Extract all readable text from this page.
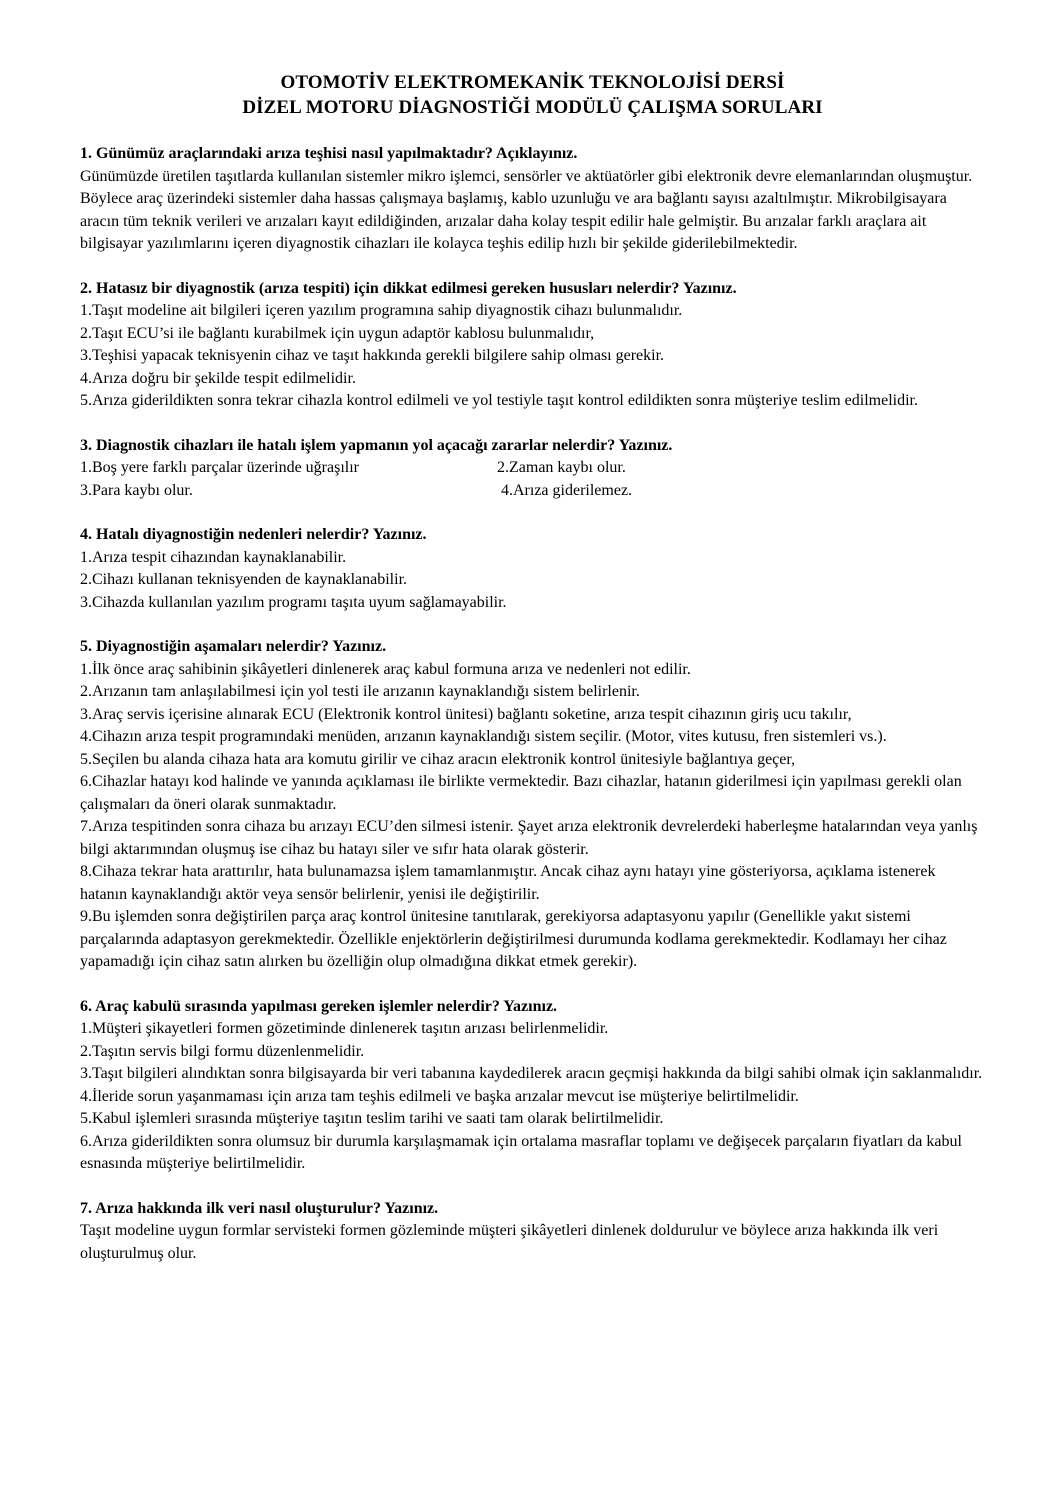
OTOMOTİV ELEKTROMEKANİK TEKNOLOJİSİ DERSİ
DİZEL MOTORU DİAGNOSTİĞİ MODÜLÜ ÇALIŞMA SORULARI
1. Günümüz araçlarındaki arıza teşhisi nasıl yapılmaktadır? Açıklayınız.
Günümüzde üretilen taşıtlarda kullanılan sistemler mikro işlemci, sensörler ve aktüatörler gibi elektronik devre elemanlarından oluşmuştur. Böylece araç üzerindeki sistemler daha hassas çalışmaya başlamış, kablo uzunluğu ve ara bağlantı sayısı azaltılmıştır. Mikrobilgisayara aracın tüm teknik verileri ve arızaları kayıt edildiğinden, arızalar daha kolay tespit edilir hale gelmiştir. Bu arızalar farklı araçlara ait bilgisayar yazılımlarını içeren diyagnostik cihazları ile kolayca teşhis edilip hızlı bir şekilde giderilebilmektedir.
2. Hatasız bir diyagnostik (arıza tespiti) için dikkat edilmesi gereken hususları nelerdir? Yazınız.
1.Taşıt modeline ait bilgileri içeren yazılım programına sahip diyagnostik cihazı bulunmalıdır.
2.Taşıt ECU’si ile bağlantı kurabilmek için uygun adaptör kablosu bulunmalıdır,
3.Teşhisi yapacak teknisyenin cihaz ve taşıt hakkında gerekli bilgilere sahip olması gerekir.
4.Arıza doğru bir şekilde tespit edilmelidir.
5.Arıza giderildikten sonra tekrar cihazla kontrol edilmeli ve yol testiyle taşıt kontrol edildikten sonra müşteriye teslim edilmelidir.
3. Diagnostik cihazları ile hatalı işlem yapmanın yol açacağı zararlar nelerdir? Yazınız.
1.Boş yere farklı parçalar üzerinde uğraşılır	2.Zaman kaybı olur.
3.Para kaybı olur.	4.Arıza giderilemez.
4. Hatalı diyagnostiğin nedenleri nelerdir? Yazınız.
1.Arıza tespit cihazından kaynaklanabilir.
2.Cihazı kullanan teknisyenden de kaynaklanabilir.
3.Cihazda kullanılan yazılım programı taşıta uyum sağlamayabilir.
5. Diyagnostiğin aşamaları nelerdir? Yazınız.
1.İlk önce araç sahibinin şikâyetleri dinlenerek araç kabul formuna arıza ve nedenleri not edilir.
2.Arızanın tam anlaşılabilmesi için yol testi ile arızanın kaynaklandığı sistem belirlenir.
3.Araç servis içerisine alınarak ECU (Elektronik kontrol ünitesi) bağlantı soketine, arıza tespit cihazının giriş ucu takılır,
4.Cihazın arıza tespit programındaki menüden, arızanın kaynaklandığı sistem seçilir. (Motor, vites kutusu, fren sistemleri vs.).
5.Seçilen bu alanda cihaza hata ara komutu girilir ve cihaz aracın elektronik kontrol ünitesiyle bağlantıya geçer,
6.Cihazlar hatayı kod halinde ve yanında açıklaması ile birlikte vermektedir. Bazı cihazlar, hatanın giderilmesi için yapılması gerekli olan çalışmaları da öneri olarak sunmaktadır.
7.Arıza tespitinden sonra cihaza bu arızayı ECU’den silmesi istenir. Şayet arıza elektronik devrelerdeki haberleşme hatalarından veya yanlış bilgi aktarımından oluşmuş ise cihaz bu hatayı siler ve sıfır hata olarak gösterir.
8.Cihaza tekrar hata arattırılır, hata bulunamazsa işlem tamamlanmıştır. Ancak cihaz aynı hatayı yine gösteriyorsa, açıklama istenerek hatanın kaynaklandığı aktör veya sensör belirlenir, yenisi ile değiştirilir.
9.Bu işlemden sonra değiştirilen parça araç kontrol ünitesine tanıtılarak, gerekiyorsa adaptasyonu yapılır (Genellikle yakıt sistemi parçalarında adaptasyon gerekmektedir. Özellikle enjektörlerin değiştirilmesi durumunda kodlama gerekmektedir. Kodlamayı her cihaz yapamadığı için cihaz satın alırken bu özelliğin olup olmadığına dikkat etmek gerekir).
6. Araç kabulü sırasında yapılması gereken işlemler nelerdir? Yazınız.
1.Müşteri şikayetleri formen gözetiminde dinlenerek taşıtın arızası belirlenmelidir.
2.Taşıtın servis bilgi formu düzenlenmelidir.
3.Taşıt bilgileri alındıktan sonra bilgisayarda bir veri tabanına kaydedilerek aracın geçmişi hakkında da bilgi sahibi olmak için saklanmalıdır.
4.İleride sorun yaşanmaması için arıza tam teşhis edilmeli ve başka arızalar mevcut ise müşteriye belirtilmelidir.
5.Kabul işlemleri sırasında müşteriye taşıtın teslim tarihi ve saati tam olarak belirtilmelidir.
6.Arıza giderildikten sonra olumsuz bir durumla karşılaşmamak için ortalama masraflar toplamı ve değişecek parçaların fiyatları da kabul esnasında müşteriye belirtilmelidir.
7. Arıza hakkında ilk veri nasıl oluşturulur? Yazınız.
Taşıt modeline uygun formlar servisteki formen gözleminde müşteri şikâyetleri dinlenek doldurulur ve böylece arıza hakkında ilk veri oluşturulmuş olur.
